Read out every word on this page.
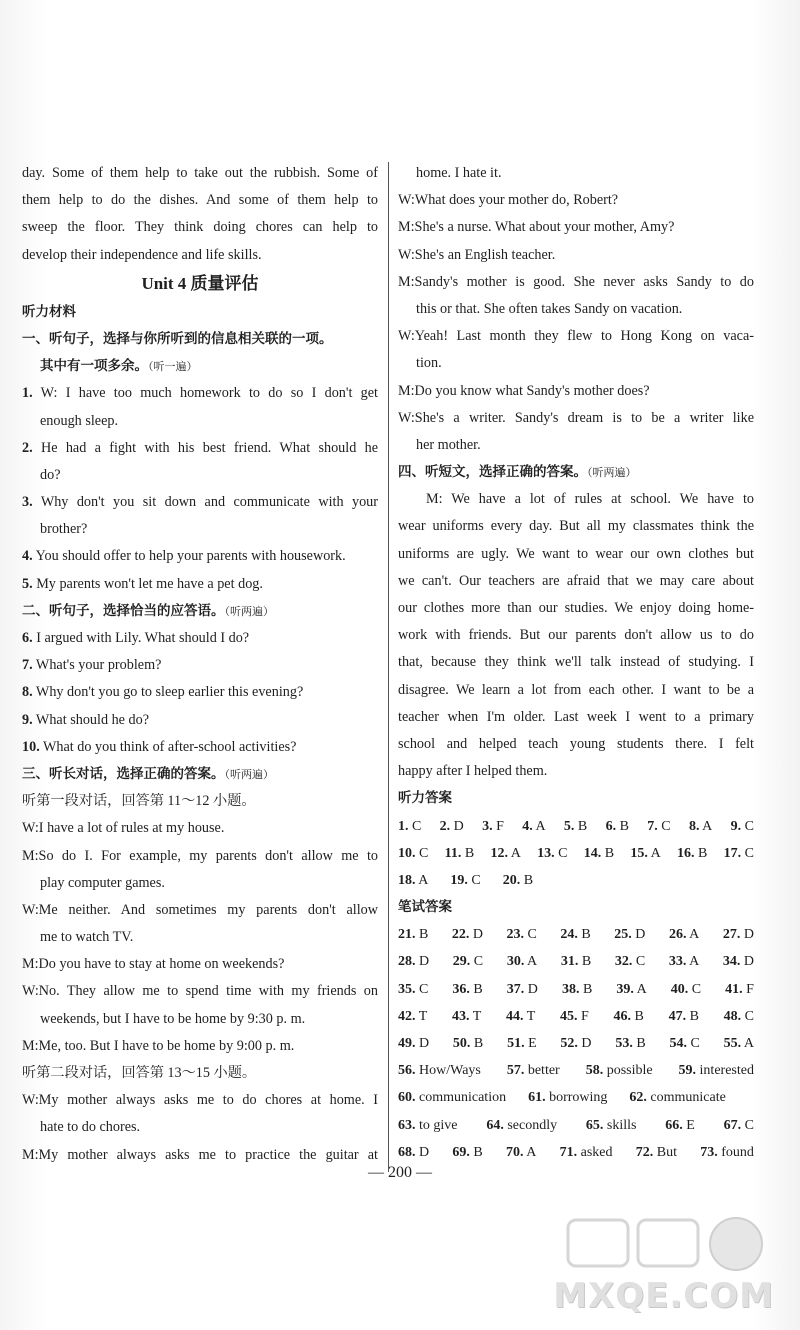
day. Some of them help to take out the rubbish. Some of
them help to do the dishes. And some of them help to
sweep the floor. They think doing chores can help to
develop their independence and life skills.
Unit 4 质量评估
听力材料
一、听句子，选择与你所听到的信息相关联的一项。
其中有一项多余。（听一遍）
1. W: I have too much homework to do so I don't get
enough sleep.
2. He had a fight with his best friend. What should he
do?
3. Why don't you sit down and communicate with your
brother?
4. You should offer to help your parents with housework.
5. My parents won't let me have a pet dog.
二、听句子，选择恰当的应答语。（听两遍）
6. I argued with Lily. What should I do?
7. What's your problem?
8. Why don't you go to sleep earlier this evening?
9. What should he do?
10. What do you think of after-school activities?
三、听长对话，选择正确的答案。（听两遍）
听第一段对话，回答第 11～12 小题。
W:I have a lot of rules at my house.
M:So do I. For example, my parents don't allow me to
play computer games.
W:Me neither. And sometimes my parents don't allow
me to watch TV.
M:Do you have to stay at home on weekends?
W:No. They allow me to spend time with my friends on
weekends, but I have to be home by 9:30 p. m.
M:Me, too. But I have to be home by 9:00 p. m.
听第二段对话，回答第 13～15 小题。
W:My mother always asks me to do chores at home. I
hate to do chores.
M:My mother always asks me to practice the guitar at
home. I hate it.
W:What does your mother do, Robert?
M:She's a nurse. What about your mother, Amy?
W:She's an English teacher.
M:Sandy's mother is good. She never asks Sandy to do
this or that. She often takes Sandy on vacation.
W:Yeah! Last month they flew to Hong Kong on vaca-
tion.
M:Do you know what Sandy's mother does?
W:She's a writer. Sandy's dream is to be a writer like
her mother.
四、听短文，选择正确的答案。（听两遍）
M: We have a lot of rules at school. We have to
wear uniforms every day. But all my classmates think the
uniforms are ugly. We want to wear our own clothes but
we can't. Our teachers are afraid that we may care about
our clothes more than our studies. We enjoy doing home-
work with friends. But our parents don't allow us to do
that, because they think we'll talk instead of studying. I
disagree. We learn a lot from each other. I want to be a
teacher when I'm older. Last week I went to a primary
school and helped teach young students there. I felt
happy after I helped them.
听力答案
1. C 2. D 3. F 4. A 5. B 6. B 7. C 8. A 9. C
10. C 11. B 12. A 13. C 14. B 15. A 16. B 17. C
18. A 19. C 20. B
笔试答案
21. B 22. D 23. C 24. B 25. D 26. A 27. D
28. D 29. C 30. A 31. B 32. C 33. A 34. D
35. C 36. B 37. D 38. B 39. A 40. C 41. F
42. T 43. T 44. T 45. F 46. B 47. B 48. C
49. D 50. B 51. E 52. D 53. B 54. C 55. A
56. How/Ways 57. better 58. possible 59. interested
60. communication 61. borrowing 62. communicate
63. to give 64. secondly 65. skills 66. E 67. C
68. D 69. B 70. A 71. asked 72. But 73. found
— 200 —
MXQE.COM
